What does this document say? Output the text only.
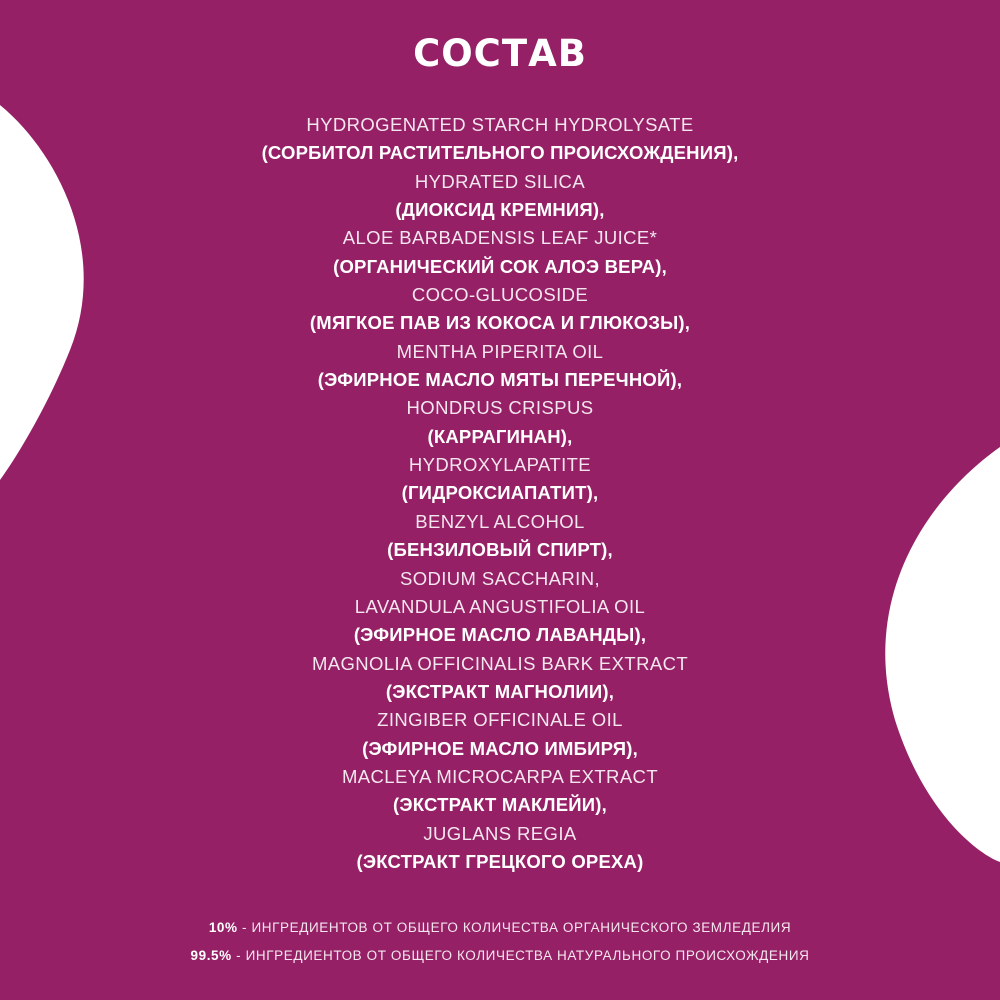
СОСТАВ
HYDROGENATED STARCH HYDROLYSATE
(СОРБИТОЛ РАСТИТЕЛЬНОГО ПРОИСХОЖДЕНИЯ),
HYDRATED SILICA
(ДИОКСИД КРЕМНИЯ),
ALOE BARBADENSIS LEAF JUICE*
(ОРГАНИЧЕСКИЙ СОК АЛОЭ ВЕРА),
COCO-GLUCOSIDE
(МЯГКОЕ ПАВ ИЗ КОКОСА И ГЛЮКОЗЫ),
MENTHA PIPERITA OIL
(ЭФИРНОЕ МАСЛО МЯТЫ ПЕРЕЧНОЙ),
HONDRUS CRISPUS
(КАРРАГИНАН),
HYDROXYLAPATITE
(ГИДРОКСИАПАТИТ),
BENZYL ALCOHOL
(БЕНЗИЛОВЫЙ СПИРТ),
SODIUM SACCHARIN,
LAVANDULA ANGUSTIFOLIA OIL
(ЭФИРНОЕ МАСЛО ЛАВАНДЫ),
MAGNOLIA OFFICINALIS BARK EXTRACT
(ЭКСТРАКТ МАГНОЛИИ),
ZINGIBER OFFICINALE OIL
(ЭФИРНОЕ МАСЛО ИМБИРЯ),
MACLEYA MICROCARPA EXTRACT
(ЭКСТРАКТ МАКЛЕЙИ),
JUGLANS REGIA
(ЭКСТРАКТ ГРЕЦКОГО ОРЕХА)
10% - ИНГРЕДИЕНТОВ ОТ ОБЩЕГО КОЛИЧЕСТВА ОРГАНИЧЕСКОГО ЗЕМЛЕДЕЛИЯ
99.5% - ИНГРЕДИЕНТОВ ОТ ОБЩЕГО КОЛИЧЕСТВА НАТУРАЛЬНОГО ПРОИСХОЖДЕНИЯ
